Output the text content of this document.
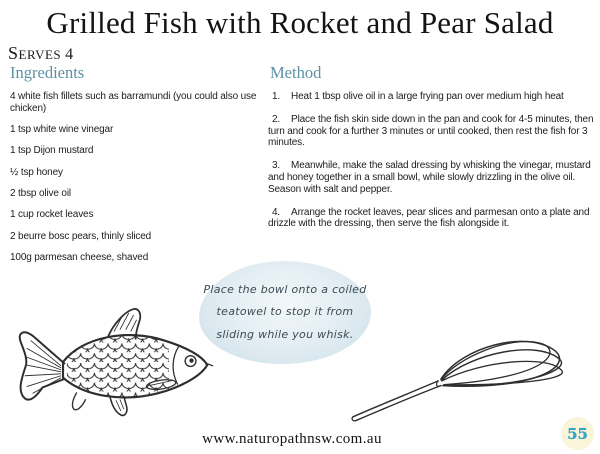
Grilled Fish with Rocket and Pear Salad
Serves 4
Ingredients

4 white fish fillets such as barramundi (you could also use chicken)

1 tsp white wine vinegar

1 tsp Dijon mustard

½ tsp honey

2 tbsp olive oil

1 cup rocket leaves

2 beurre bosc pears, thinly sliced

100g parmesan cheese, shaved

Method

1. Heat 1 tbsp olive oil in a large frying pan over medium high heat

2. Place the fish skin side down in the pan and cook for 4-5 minutes, then turn and cook for a further 3 minutes or until cooked, then rest the fish for 3 minutes.

3. Meanwhile, make the salad dressing by whisking the vinegar, mustard and honey together in a small bowl, while slowly drizzling in the olive oil. Season with salt and pepper.

4. Arrange the rocket leaves, pear slices and parmesan onto a plate and drizzle with the dressing, then serve the fish alongside it.

Place the bowl onto a coiled
teatowel to stop it from
sliding while you whisk.
www.naturopathnsw.com.au	55
